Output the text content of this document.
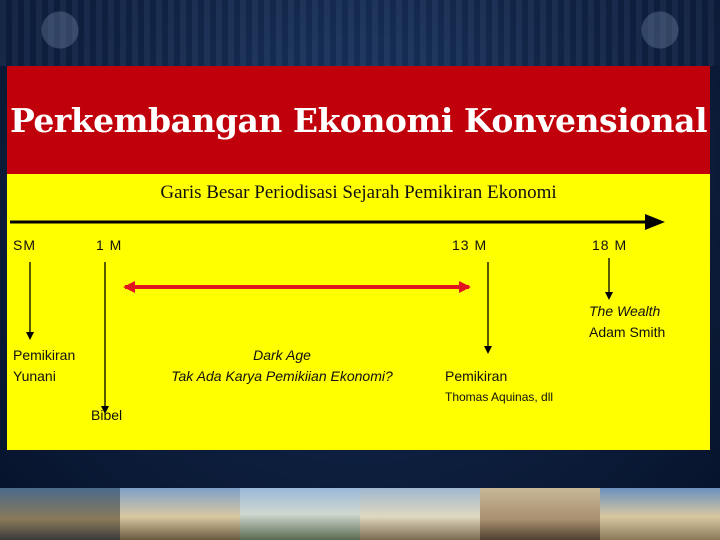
Perkembangan Ekonomi Konvensional
Garis Besar Periodisasi Sejarah Pemikiran Ekonomi
SM	1 M	13 M	18 M
The Wealth
Adam Smith
Pemikiran
Yunani
Dark Age
Tak Ada Karya Pemikiian Ekonomi?	Pemikiran
Thomas Aquinas, dll
Bibel
